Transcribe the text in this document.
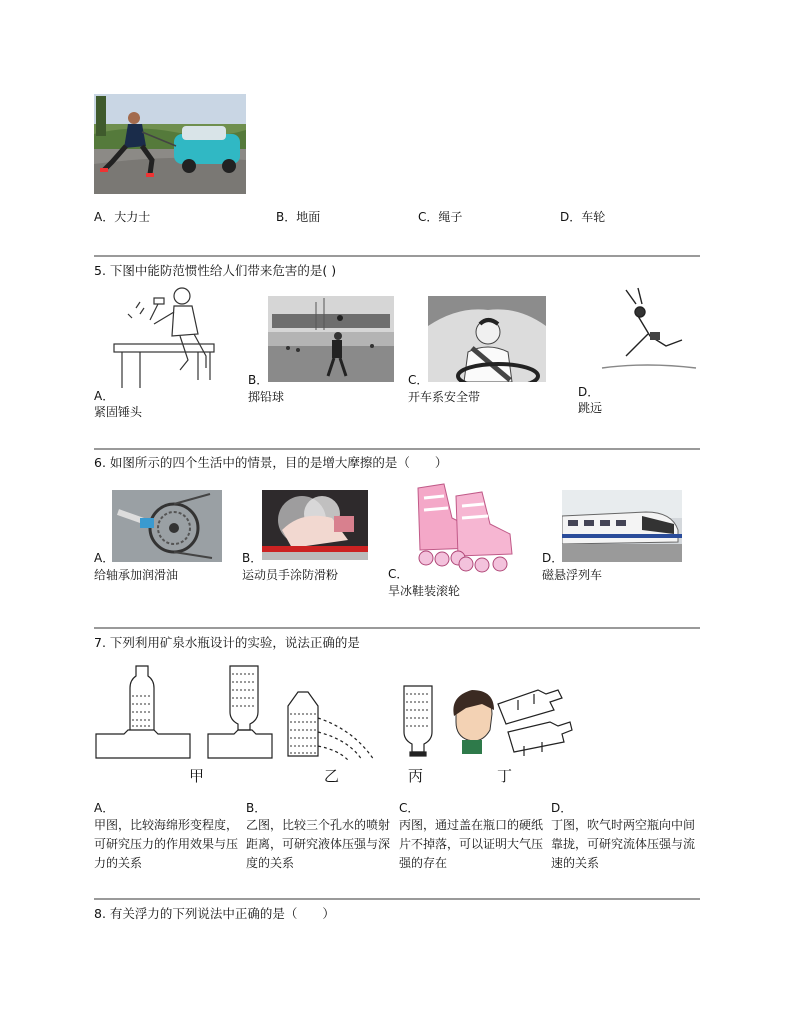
A．大力士	B．地面	C．绳子	D．车轮
5. 下图中能防范惯性给人们带来危害的是( )
A．
紧固锤头
B．
掷铅球
C．
开车系安全带	D．
跳远
6. 如图所示的四个生活中的情景，目的是增大摩擦的是（　　）
A．
给轴承加润滑油
B．
运动员手涂防滑粉	C．
旱冰鞋装滚轮
D．
磁悬浮列车
7. 下列利用矿泉水瓶设计的实验，说法正确的是
甲	乙	丙	丁
A．
甲图，比较海绵形变程度，可研究压力的作用效果与压力的关系
B．
乙图，比较三个孔水的喷射距离，可研究液体压强与深度的关系
C．
丙图，通过盖在瓶口的硬纸片不掉落，可以证明大气压强的存在
D．
丁图，吹气时两空瓶向中间靠拢，可研究流体压强与流速的关系
8. 有关浮力的下列说法中正确的是（　　）
